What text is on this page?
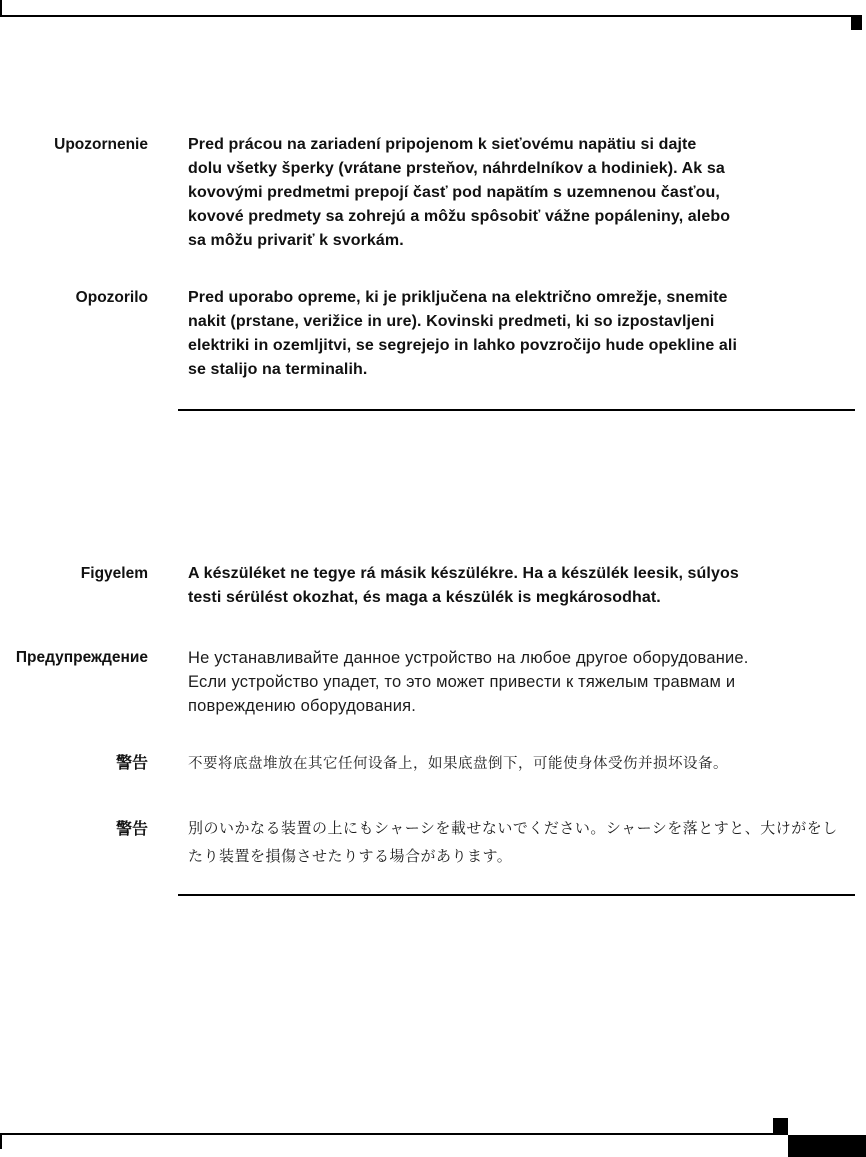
Upozornenie	Pred prácou na zariadení pripojenom k sieťovému napätiu si dajte
dolu všetky šperky (vrátane prsteňov, náhrdelníkov a hodiniek). Ak sa
kovovými predmetmi prepojí časť pod napätím s uzemnenou časťou,
kovové predmety sa zohrejú a môžu spôsobiť vážne popáleniny, alebo
sa môžu privariť k svorkám.
Opozorilo	Pred uporabo opreme, ki je priključena na električno omrežje, snemite
nakit (prstane, verižice in ure). Kovinski predmeti, ki so izpostavljeni
elektriki in ozemljitvi, se segrejejo in lahko povzročijo hude opekline ali
se stalijo na terminalih.
Figyelem	A készüléket ne tegye rá másik készülékre. Ha a készülék leesik, súlyos
testi sérülést okozhat, és maga a készülék is megkárosodhat.
Предупреждение Не устанавливайте данное устройство на любое другое оборудование.
Если устройство упадет, то это может привести к тяжелым травмам и
повреждению оборудования.
警告	不要将底盘堆放在其它任何设备上，如果底盘倒下，可能使身体受伤并损坏设备。
警告	別のいかなる装置の上にもシャーシを載せないでください。シャーシを落とすと、大けがをし
たり装置を損傷させたりする場合があります。
